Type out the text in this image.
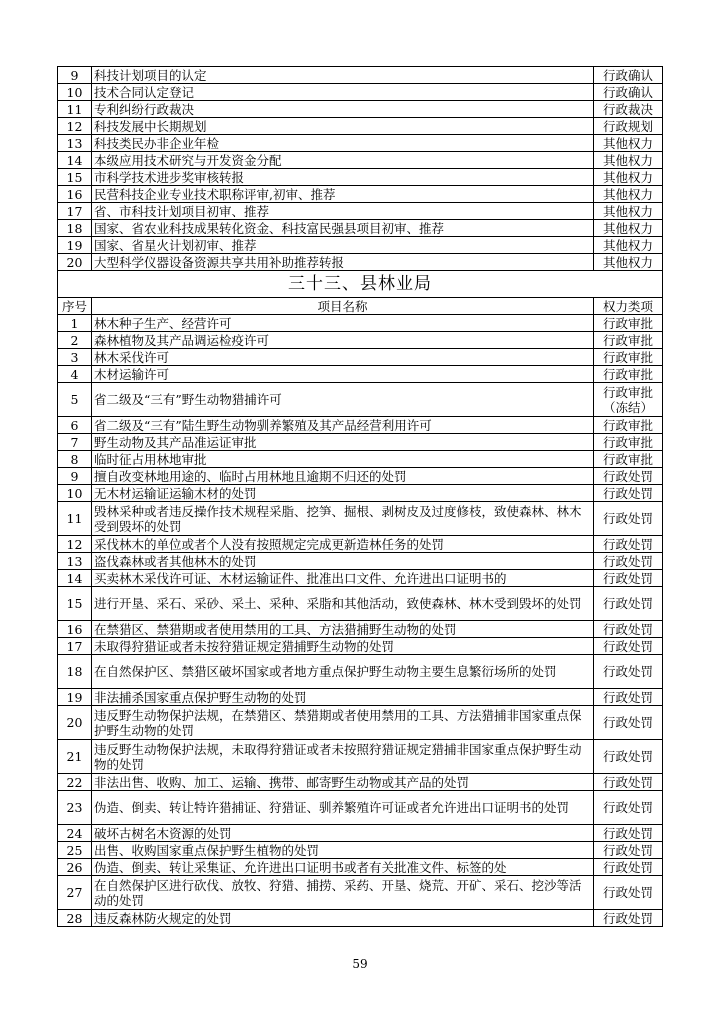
9	科技计划项目的认定	行政确认
10	技术合同认定登记	行政确认
11	专利纠纷行政裁决	行政裁决
12	科技发展中长期规划	行政规划
13	科技类民办非企业年检	其他权力
14	本级应用技术研究与开发资金分配	其他权力
15	市科学技术进步奖审核转报	其他权力
16	民营科技企业专业技术职称评审,初审、推荐	其他权力
17	省、市科技计划项目初审、推荐	其他权力
18	国家、省农业科技成果转化资金、科技富民强县项目初审、推荐	其他权力
19	国家、省星火计划初审、推荐	其他权力
20	大型科学仪器设备资源共享共用补助推荐转报	其他权力
三十三、县林业局		
序号	项目名称	权力类项
1	林木种子生产、经营许可	行政审批
2	森林植物及其产品调运检疫许可	行政审批
3	林木采伐许可	行政审批
4	木材运输许可	行政审批
5	省二级及“三有”野生动物猎捕许可	行政审批（冻结）
6	省二级及“三有”陆生野生动物驯养繁殖及其产品经营利用许可	行政审批
7	野生动物及其产品准运证审批	行政审批
8	临时征占用林地审批	行政审批
9	擅自改变林地用途的、临时占用林地且逾期不归还的处罚	行政处罚
10	无木材运输证运输木材的处罚	行政处罚
11	毁林采种或者违反操作技术规程采脂、挖笋、掘根、剥树皮及过度修枝，致使森林、林木受到毁坏的处罚	行政处罚
12	采伐林木的单位或者个人没有按照规定完成更新造林任务的处罚	行政处罚
13	盗伐森林或者其他林木的处罚	行政处罚
14	买卖林木采伐许可证、木材运输证件、批准出口文件、允许进出口证明书的	行政处罚
15	进行开垦、采石、采砂、采土、采种、采脂和其他活动，致使森林、林木受到毁坏的处罚	行政处罚
16	在禁猎区、禁猎期或者使用禁用的工具、方法猎捕野生动物的处罚	行政处罚
17	未取得狩猎证或者未按狩猎证规定猎捕野生动物的处罚	行政处罚
18	在自然保护区、禁猎区破坏国家或者地方重点保护野生动物主要生息繁衍场所的处罚	行政处罚
19	非法捕杀国家重点保护野生动物的处罚	行政处罚
20	违反野生动物保护法规，在禁猎区、禁猎期或者使用禁用的工具、方法猎捕非国家重点保护野生动物的处罚	行政处罚
21	违反野生动物保护法规，未取得狩猎证或者未按照狩猎证规定猎捕非国家重点保护野生动物的处罚	行政处罚
22	非法出售、收购、加工、运输、携带、邮寄野生动物或其产品的处罚	行政处罚
23	伪造、倒卖、转让特许猎捕证、狩猎证、驯养繁殖许可证或者允许进出口证明书的处罚	行政处罚
24	破坏古树名木资源的处罚	行政处罚
25	出售、收购国家重点保护野生植物的处罚	行政处罚
26	伪造、倒卖、转让采集证、允许进出口证明书或者有关批准文件、标签的处	行政处罚
27	在自然保护区进行砍伐、放牧、狩猎、捕捞、采药、开垦、烧荒、开矿、采石、挖沙等活动的处罚	行政处罚
28	违反森林防火规定的处罚	行政处罚
59
